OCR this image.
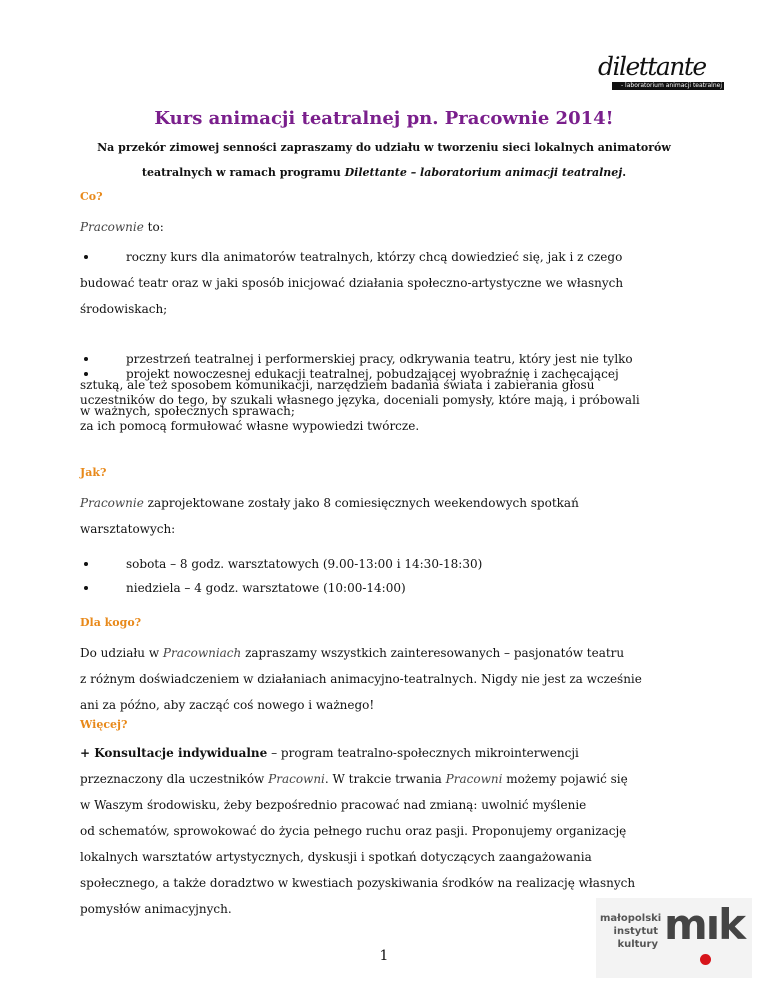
dilettante
- laboratorium animacji teatralnej
Kurs animacji teatralnej pn. Pracownie 2014!
Na przekór zimowej senności zapraszamy do udziału w tworzeniu sieci lokalnych animatorów
teatralnych w ramach programu Dilettante – laboratorium animacji teatralnej.
Co?
Pracownie to:
roczny kurs dla animatorów teatralnych, którzy chcą dowiedzieć się, jak i z czego
budować teatr oraz w jaki sposób inicjować działania społeczno-artystyczne we własnych
środowiskach;
przestrzeń teatralnej i performerskiej pracy, odkrywania teatru, który jest nie tylko
sztuką, ale też sposobem komunikacji, narzędziem badania świata i zabierania głosu
w ważnych, społecznych sprawach;
projekt nowoczesnej edukacji teatralnej, pobudzającej wyobraźnię i zachęcającej
uczestników do tego, by szukali własnego języka, doceniali pomysły, które mają, i próbowali
za ich pomocą formułować własne wypowiedzi twórcze.
Jak?
Pracownie zaprojektowane zostały jako 8 comiesięcznych weekendowych spotkań
warsztatowych:
sobota – 8 godz. warsztatowych (9.00-13:00 i 14:30-18:30)
niedziela – 4 godz. warsztatowe (10:00-14:00)
Dla kogo?
Do udziału w Pracowniach zapraszamy wszystkich zainteresowanych – pasjonatów teatru
z różnym doświadczeniem w działaniach animacyjno-teatralnych. Nigdy nie jest za wcześnie
ani za późno, aby zacząć coś nowego i ważnego!
Więcej?
+ Konsultacje indywidualne – program teatralno-społecznych mikrointerwencji
przeznaczony dla uczestników Pracowni. W trakcie trwania Pracowni możemy pojawić się
w Waszym środowisku, żeby bezpośrednio pracować nad zmianą: uwolnić myślenie
od schematów, sprowokować do życia pełnego ruchu oraz pasji. Proponujemy organizację
lokalnych warsztatów artystycznych, dyskusji i spotkań dotyczących zaangażowania
społecznego, a także doradztwo w kwestiach pozyskiwania środków na realizację własnych
pomysłów animacyjnych.
1
małopolski
instytut
kultury mık
